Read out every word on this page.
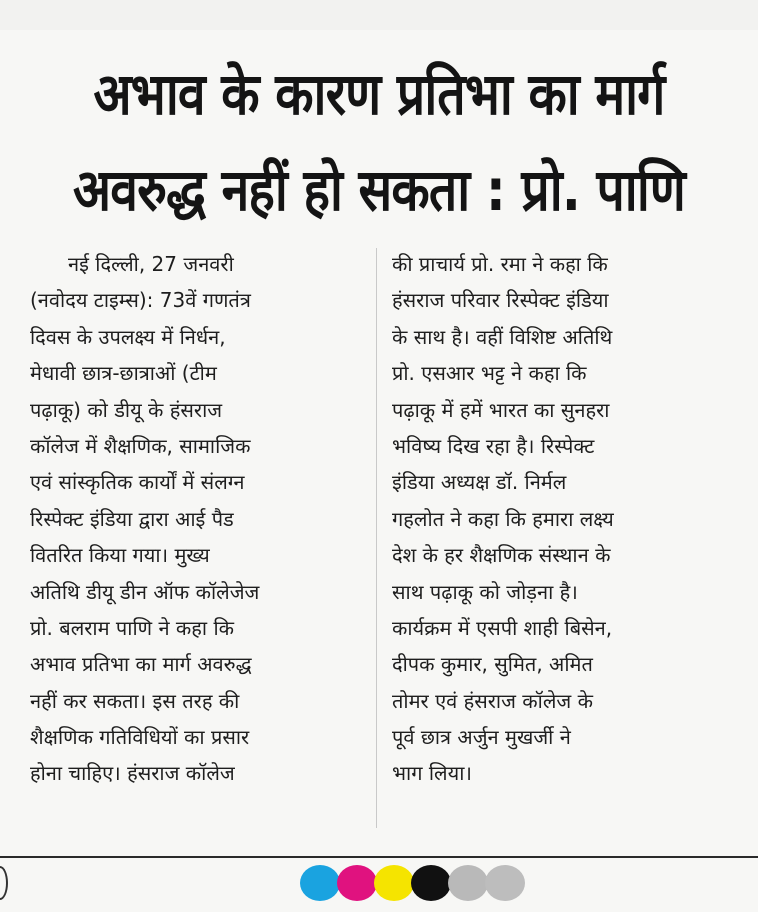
अभाव के कारण प्रतिभा का मार्ग
अवरुद्ध नहीं हो सकता : प्रो. पाणि
नई दिल्ली, 27 जनवरी
(नवोदय टाइम्स): 73वें गणतंत्र
दिवस के उपलक्ष्य में निर्धन,
मेधावी छात्र-छात्राओं (टीम
पढ़ाकू) को डीयू के हंसराज
कॉलेज में शैक्षणिक, सामाजिक
एवं सांस्कृतिक कार्यों में संलग्न
रिस्पेक्ट इंडिया द्वारा आई पैड
वितरित किया गया। मुख्य
अतिथि डीयू डीन ऑफ कॉलेजेज
प्रो. बलराम पाणि ने कहा कि
अभाव प्रतिभा का मार्ग अवरुद्ध
नहीं कर सकता। इस तरह की
शैक्षणिक गतिविधियों का प्रसार
होना चाहिए। हंसराज कॉलेज
की प्राचार्य प्रो. रमा ने कहा कि
हंसराज परिवार रिस्पेक्ट इंडिया
के साथ है। वहीं विशिष्ट अतिथि
प्रो. एसआर भट्ट ने कहा कि
पढ़ाकू में हमें भारत का सुनहरा
भविष्य दिख रहा है। रिस्पेक्ट
इंडिया अध्यक्ष डॉ. निर्मल
गहलोत ने कहा कि हमारा लक्ष्य
देश के हर शैक्षणिक संस्थान के
साथ पढ़ाकू को जोड़ना है।
कार्यक्रम में एसपी शाही बिसेन,
दीपक कुमार, सुमित, अमित
तोमर एवं हंसराज कॉलेज के
पूर्व छात्र अर्जुन मुखर्जी ने
भाग लिया।
